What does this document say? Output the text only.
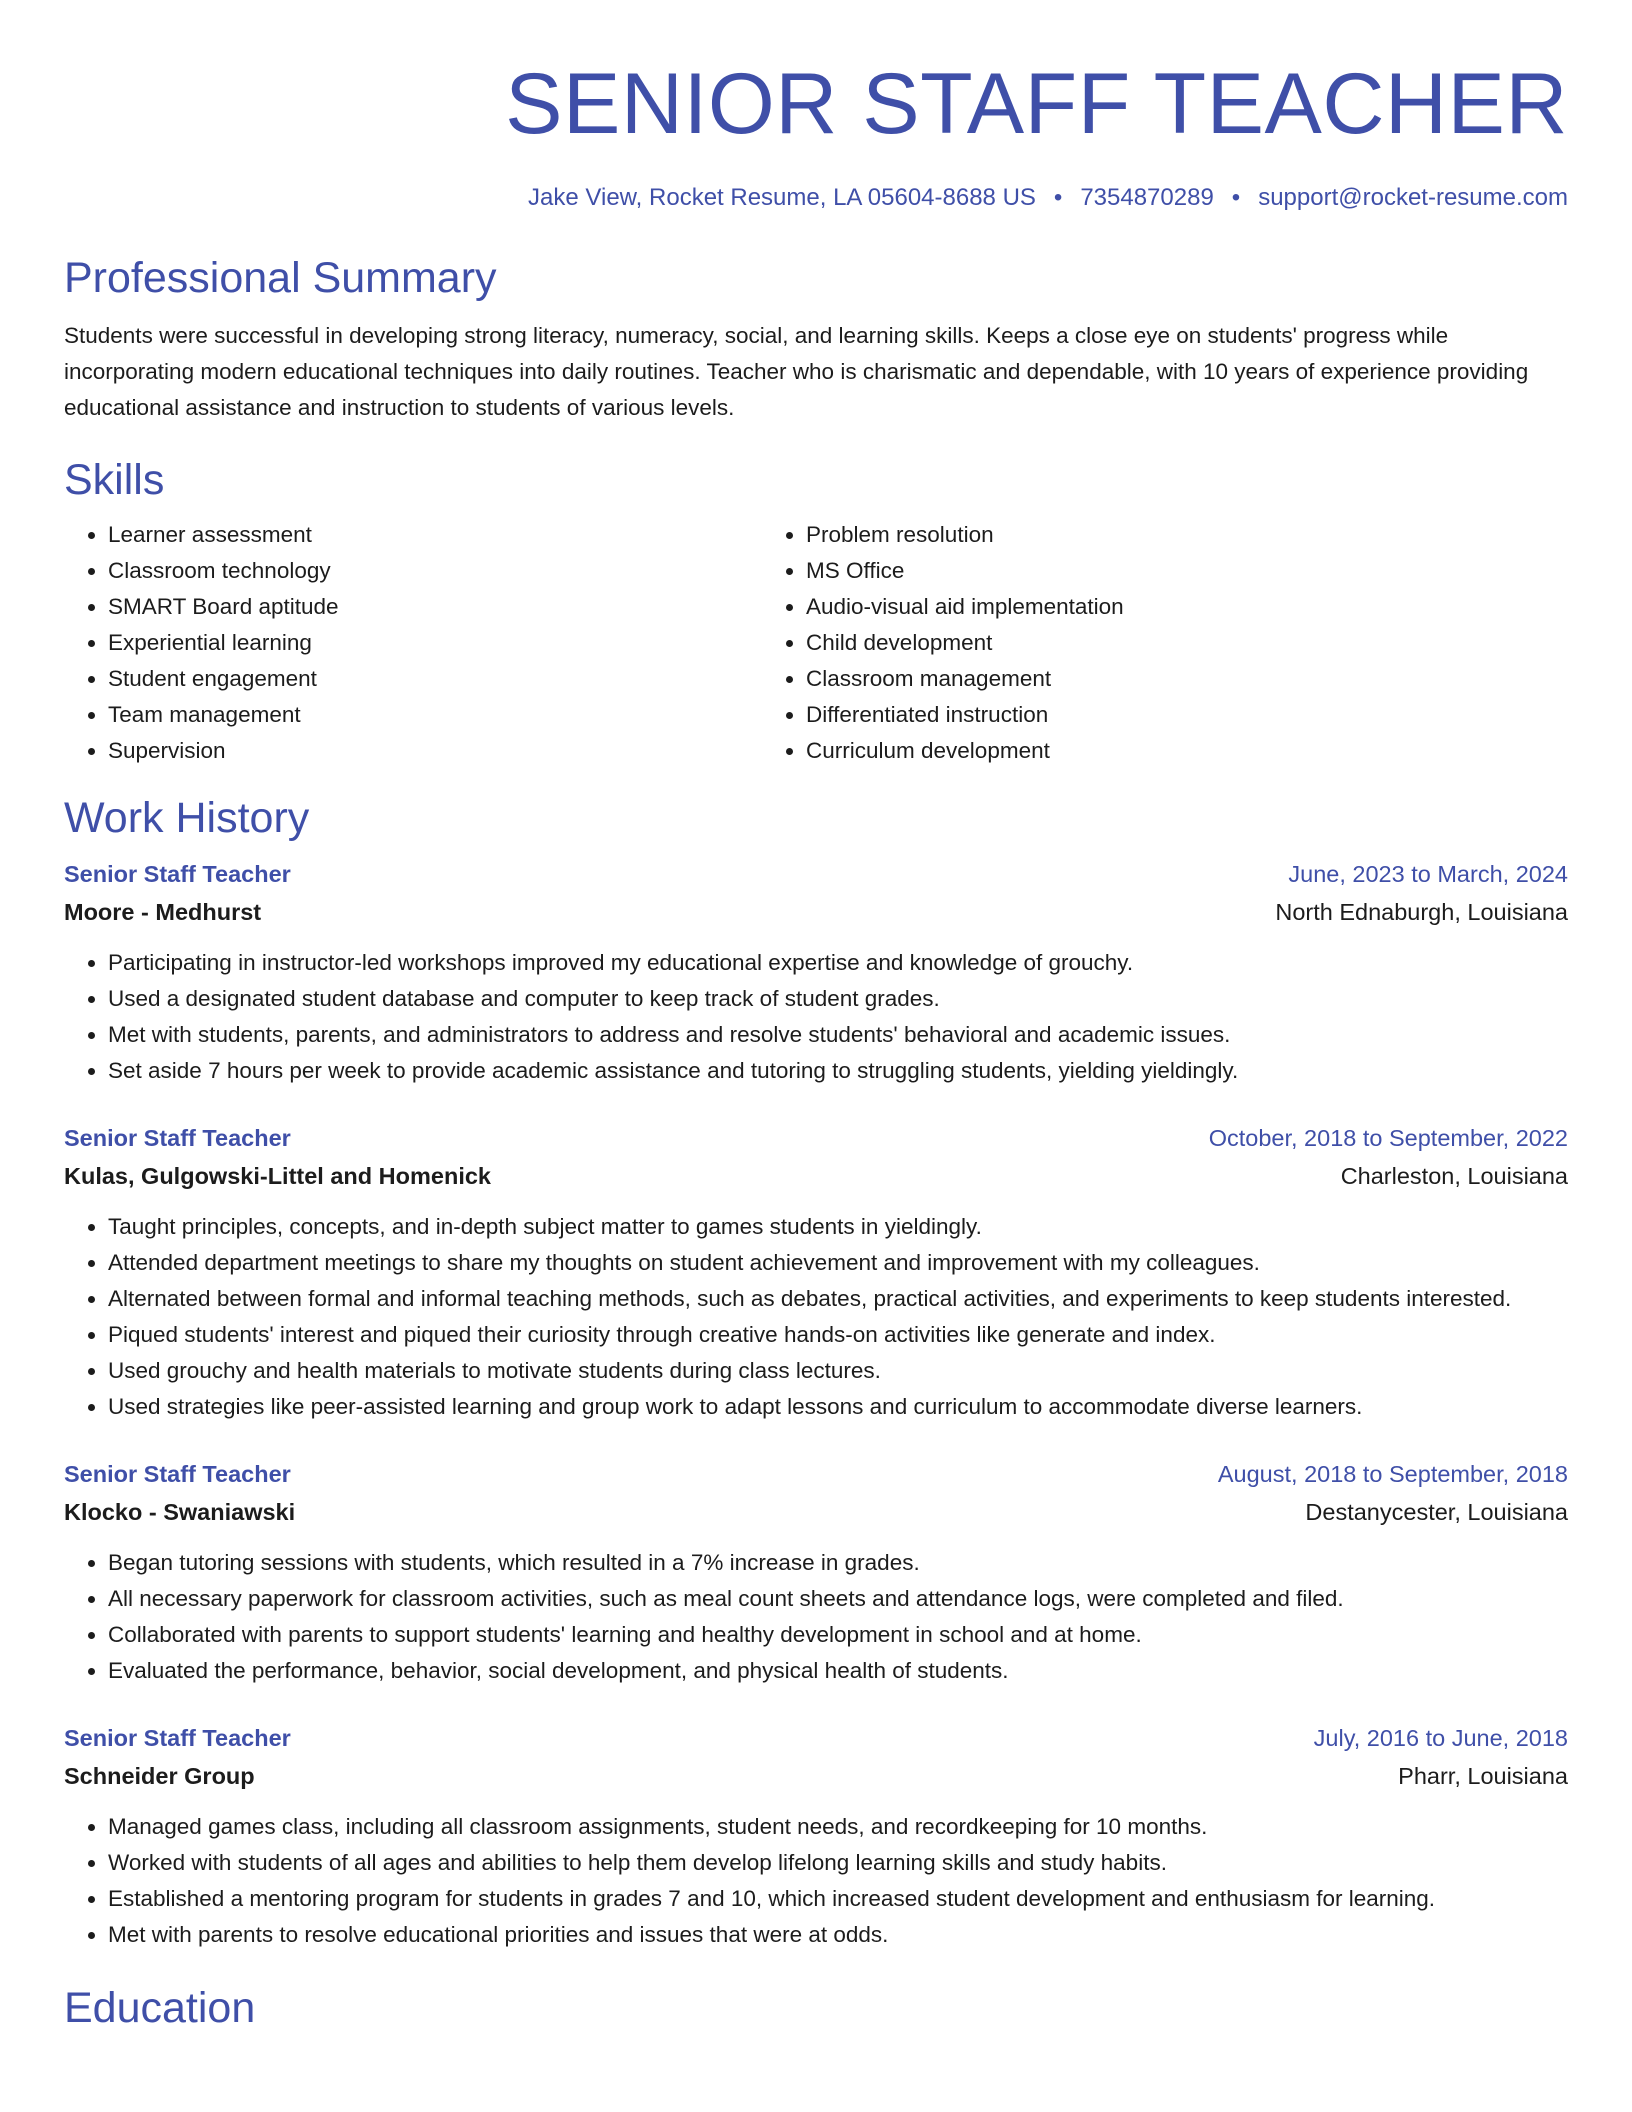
SENIOR STAFF TEACHER
Jake View, Rocket Resume, LA 05604-8688 US • 7354870289 • support@rocket-resume.com
Professional Summary

Students were successful in developing strong literacy, numeracy, social, and learning skills. Keeps a close eye on students' progress while incorporating modern educational techniques into daily routines. Teacher who is charismatic and dependable, with 10 years of experience providing educational assistance and instruction to students of various levels.

Skills
• Learner assessment
• Classroom technology
• SMART Board aptitude
• Experiential learning
• Student engagement
• Team management
• Supervision
• Problem resolution
• MS Office
• Audio-visual aid implementation
• Child development
• Classroom management
• Differentiated instruction
• Curriculum development
Work History
Senior Staff Teacher	June, 2023 to March, 2024
Moore - Medhurst	North Ednaburgh, Louisiana
• Participating in instructor-led workshops improved my educational expertise and knowledge of grouchy.
• Used a designated student database and computer to keep track of student grades.
• Met with students, parents, and administrators to address and resolve students' behavioral and academic issues.
• Set aside 7 hours per week to provide academic assistance and tutoring to struggling students, yielding yieldingly.
Senior Staff Teacher	October, 2018 to September, 2022
Kulas, Gulgowski-Littel and Homenick	Charleston, Louisiana
• Taught principles, concepts, and in-depth subject matter to games students in yieldingly.
• Attended department meetings to share my thoughts on student achievement and improvement with my colleagues.
• Alternated between formal and informal teaching methods, such as debates, practical activities, and experiments to keep students interested.
• Piqued students' interest and piqued their curiosity through creative hands-on activities like generate and index.
• Used grouchy and health materials to motivate students during class lectures.
• Used strategies like peer-assisted learning and group work to adapt lessons and curriculum to accommodate diverse learners.
Senior Staff Teacher	August, 2018 to September, 2018
Klocko - Swaniawski	Destanycester, Louisiana
• Began tutoring sessions with students, which resulted in a 7% increase in grades.
• All necessary paperwork for classroom activities, such as meal count sheets and attendance logs, were completed and filed.
• Collaborated with parents to support students' learning and healthy development in school and at home.
• Evaluated the performance, behavior, social development, and physical health of students.
Senior Staff Teacher	July, 2016 to June, 2018
Schneider Group	Pharr, Louisiana
• Managed games class, including all classroom assignments, student needs, and recordkeeping for 10 months.
• Worked with students of all ages and abilities to help them develop lifelong learning skills and study habits.
• Established a mentoring program for students in grades 7 and 10, which increased student development and enthusiasm for learning.
• Met with parents to resolve educational priorities and issues that were at odds.
Education
